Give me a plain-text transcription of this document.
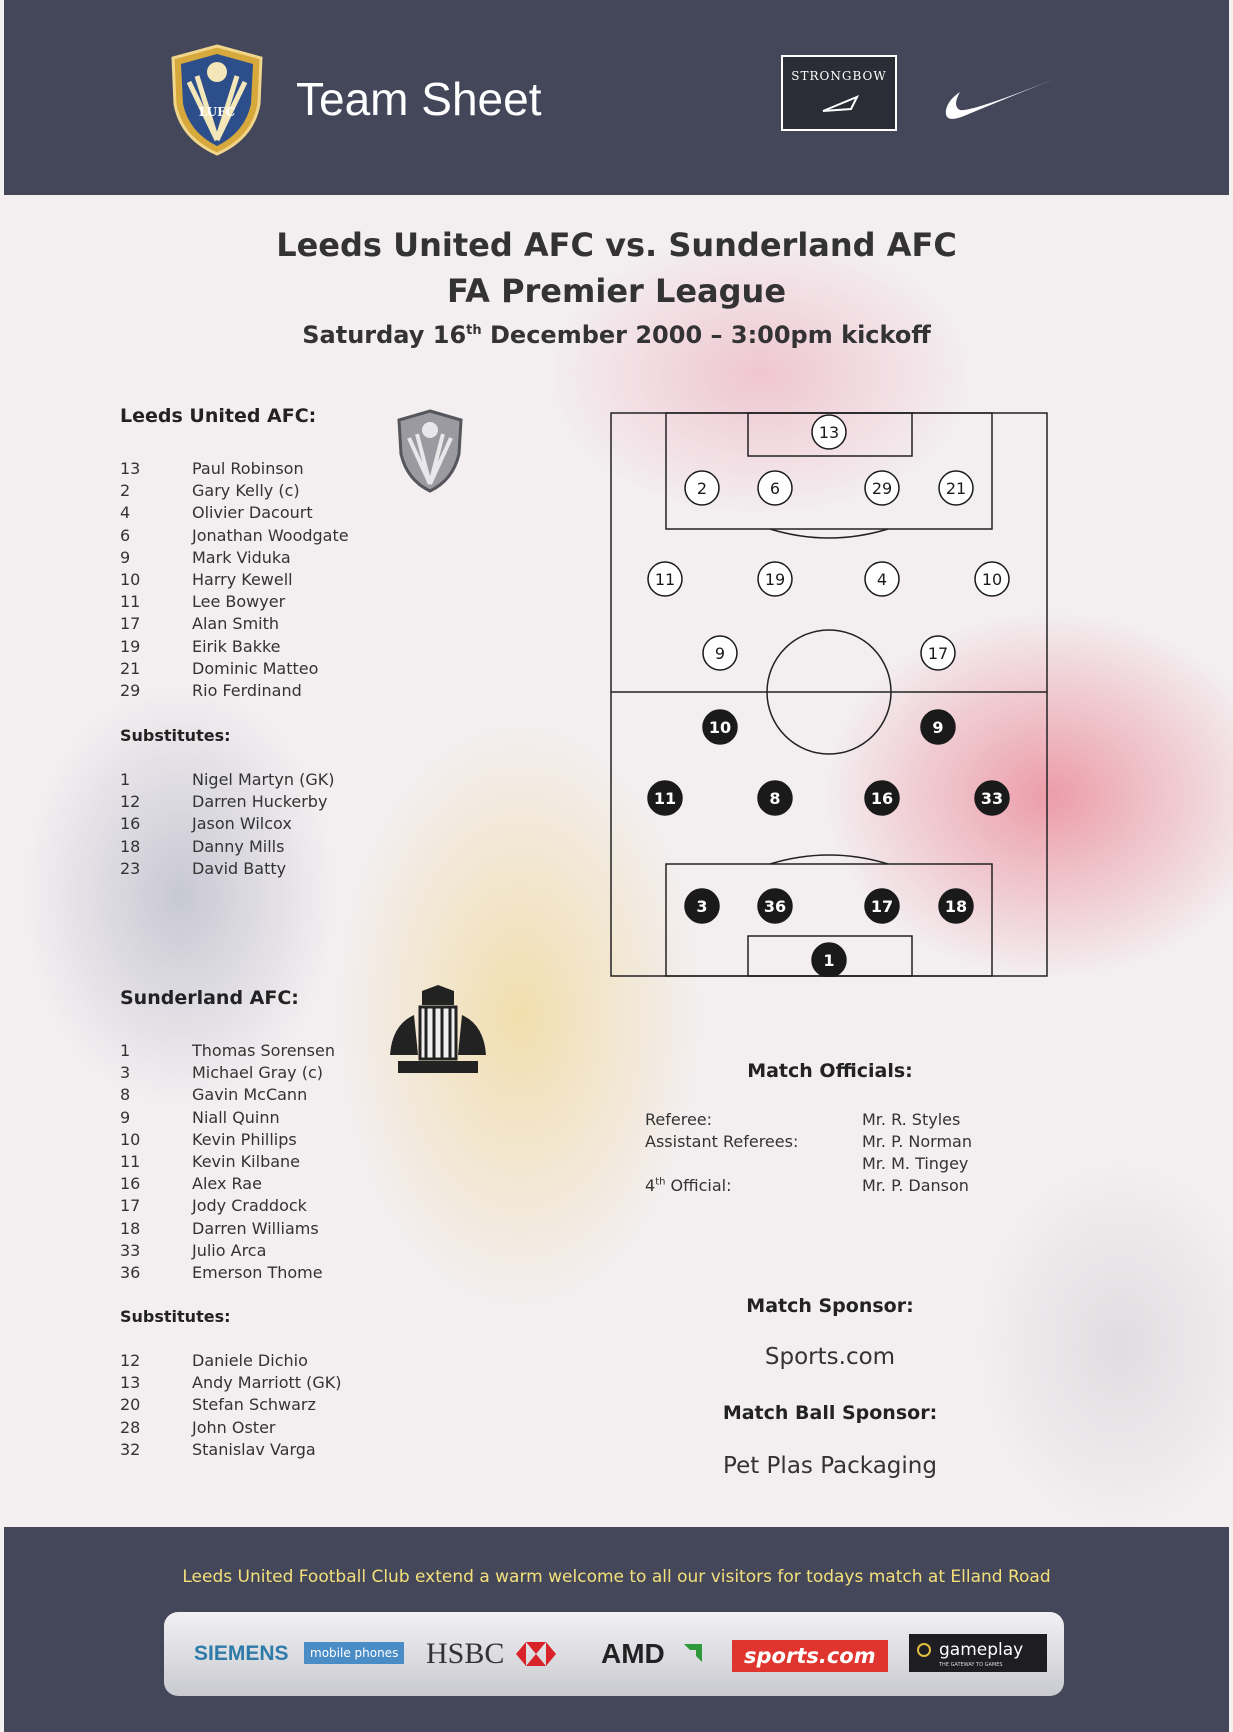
LUFC Team Sheet	STRONGBOW
Leeds United AFC vs. Sunderland AFC
FA Premier League
Saturday 16th December 2000 – 3:00pm kickoff
Leeds United AFC:
13	Paul Robinson
2	Gary Kelly (c)
4	Olivier Dacourt
6	Jonathan Woodgate
9	Mark Viduka
10	Harry Kewell
11	Lee Bowyer
17	Alan Smith
19	Eirik Bakke
21	Dominic Matteo
29	Rio Ferdinand
Substitutes:
1	Nigel Martyn (GK)
12	Darren Huckerby
16	Jason Wilcox
18	Danny Mills
23	David Batty
Sunderland AFC:
1	Thomas Sorensen
3	Michael Gray (c)
8	Gavin McCann
9	Niall Quinn
10	Kevin Phillips
11	Kevin Kilbane
16	Alex Rae
17	Jody Craddock
18	Darren Williams
33	Julio Arca
36	Emerson Thome
Substitutes:
12	Daniele Dichio
13	Andy Marriott (GK)
20	Stefan Schwarz
28	John Oster
32	Stanislav Varga
13
2	6	29	21
11	19	4	10
9	17
10	9
11	8	16	33
3	36	17	18
1
Match Officials:
Referee:	Mr. R. Styles
Assistant Referees:	Mr. P. Norman
Mr. M. Tingey
4th Official:	Mr. P. Danson
Match Sponsor:
Sports.com
Match Ball Sponsor:
Pet Plas Packaging
Leeds United Football Club extend a warm welcome to all our visitors for todays match at Elland Road
SIEMENS	mobile phones HSBC	AMD	sports.com	gameplay
THE GATEWAY TO GAMES
